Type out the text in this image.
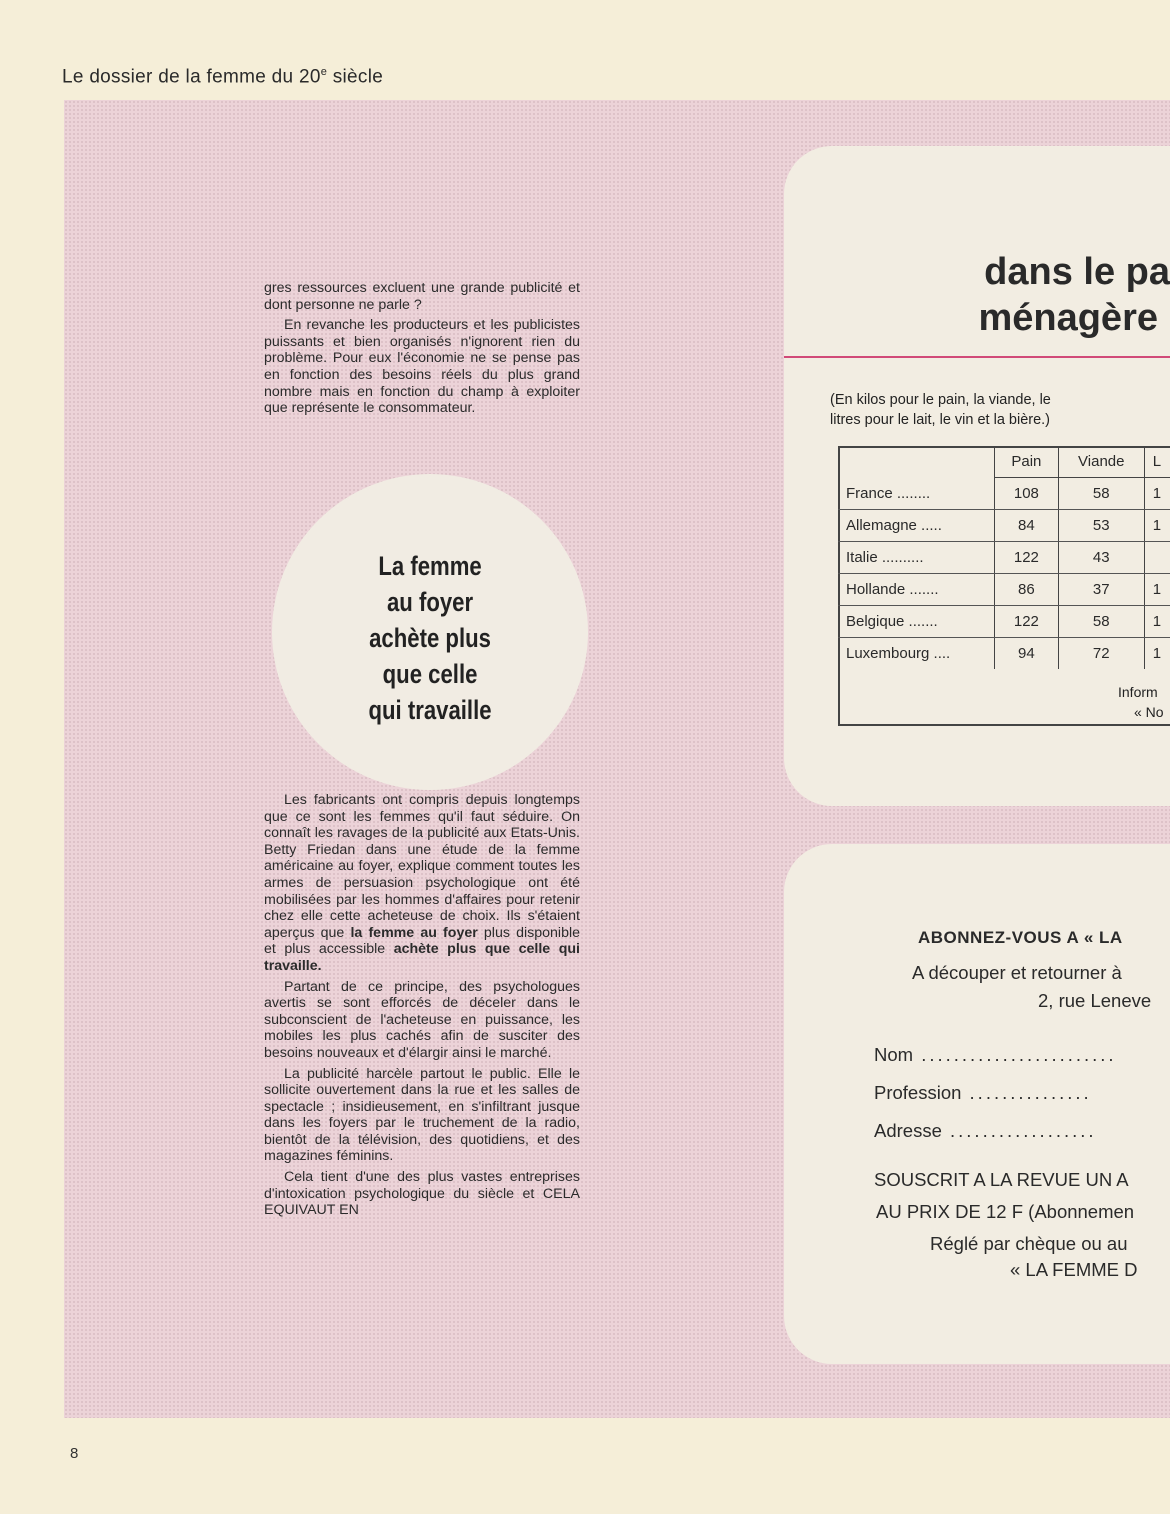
Le dossier de la femme du 20e siècle

gres ressources excluent une grande publicité et dont personne ne parle ?

En revanche les producteurs et les publicistes puissants et bien organisés n'ignorent rien du problème. Pour eux l'économie ne se pense pas en fonction des besoins réels du plus grand nombre mais en fonction du champ à exploiter que représente le consommateur.

La femme
au foyer
achète plus
que celle
qui travaille

Les fabricants ont compris depuis longtemps que ce sont les femmes qu'il faut séduire. On connaît les ravages de la publicité aux Etats-Unis. Betty Friedan dans une étude de la femme américaine au foyer, explique comment toutes les armes de persuasion psychologique ont été mobilisées par les hommes d'affaires pour retenir chez elle cette acheteuse de choix. Ils s'étaient aperçus que la femme au foyer plus disponible et plus accessible achète plus que celle qui travaille.

Partant de ce principe, des psychologues avertis se sont efforcés de déceler dans le subconscient de l'acheteuse en puissance, les mobiles les plus cachés afin de susciter des besoins nouveaux et d'élargir ainsi le marché.

La publicité harcèle partout le public. Elle le sollicite ouvertement dans la rue et les salles de spectacle ; insidieusement, en s'infiltrant jusque dans les foyers par le truchement de la radio, bientôt de la télévision, des quotidiens, et des magazines féminins.

Cela tient d'une des plus vastes entreprises d'intoxication psychologique du siècle et CELA EQUIVAUT EN

dans le pa
ménagère
(En kilos pour le pain, la viande, le
litres pour le lait, le vin et la bière.)
	Pain	Viande	L
France ........	108	58	1
Allemagne .....	84	53	1
Italie ..........	122	43	
Hollande .......	86	37	1
Belgique .......	122	58	1
Luxembourg ....	94	72	1
Inform
« No
ABONNEZ-VOUS A « LA
A découper et retourner à
2, rue Leneve
Nom ........................
Profession ...............
Adresse ..................
SOUSCRIT A LA REVUE UN A
AU PRIX DE 12 F (Abonnemen
Réglé par chèque ou au
« LA FEMME D
8
